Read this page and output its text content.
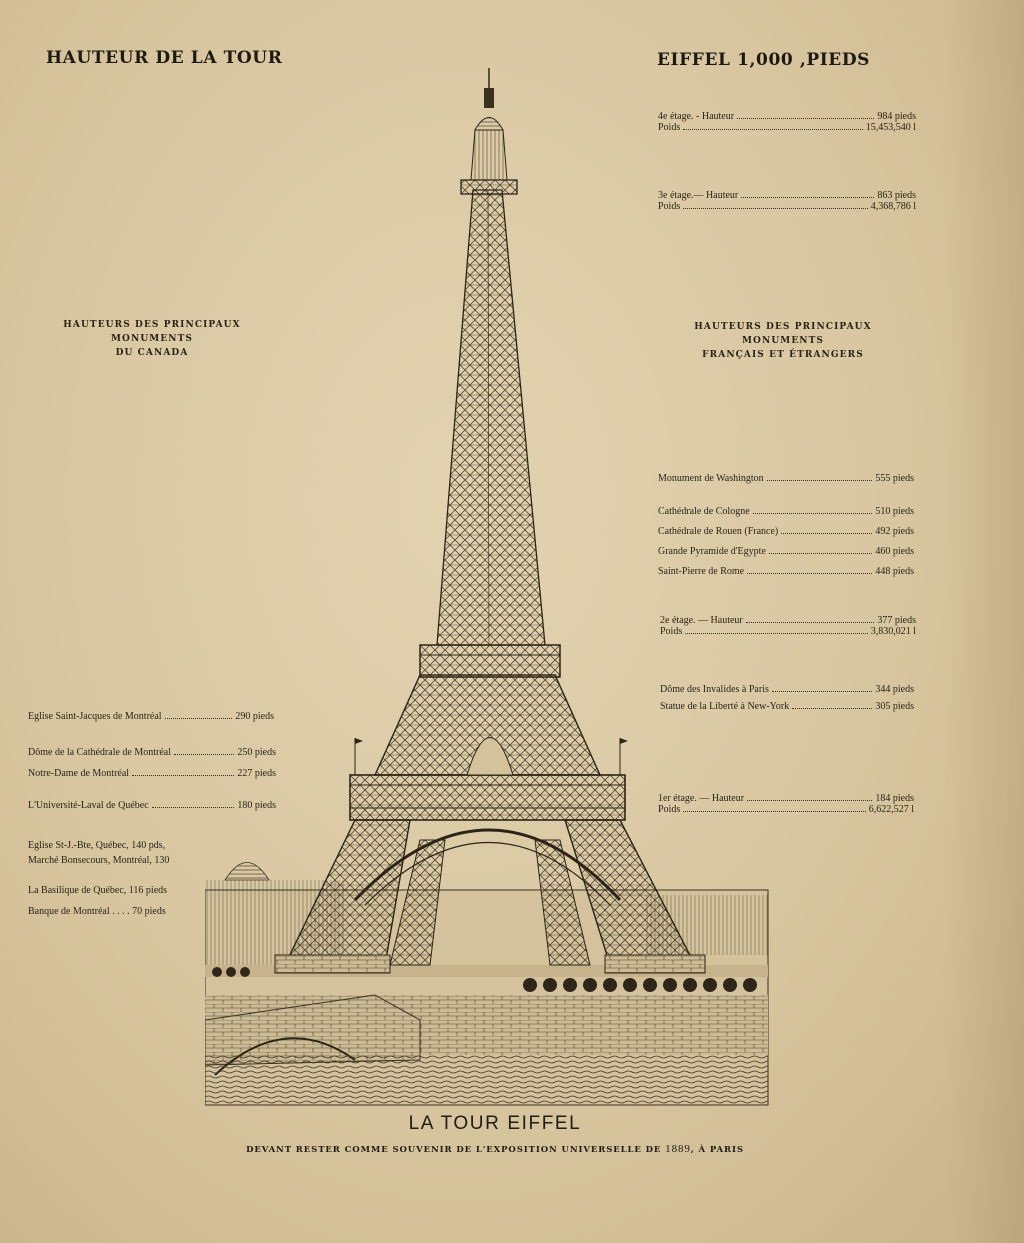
HAUTEUR DE LA TOUR	EIFFEL 1,000 ,PIEDS
4e étage. - Hauteur	984 pieds
Poids	15,453,540 l
3e étage.— Hauteur	863 pieds
Poids	4,368,786 l
HAUTEURS DES PRINCIPAUX MONUMENTS
DU CANADA
HAUTEURS DES PRINCIPAUX MONUMENTS
FRANÇAIS ET ÉTRANGERS
Monument de Washington	555 pieds
Cathédrale de Cologne	510 pieds
Cathédrale de Rouen (France)	492 pieds
Grande Pyramide d'Egypte	460 pieds
Saint-Pierre de Rome	448 pieds
2e étage. — Hauteur	377 pieds
Poids	3,830,021 l
Dôme des Invalides à Paris	344 pieds
Statue de la Liberté à New-York	305 pieds
1er étage. — Hauteur	184 pieds
Poids	6,622,527 l
Eglise Saint-Jacques de Montréal	290 pieds
Dôme de la Cathédrale de Montréal	250 pieds
Notre-Dame de Montréal	227 pieds
L'Université-Laval de Québec	180 pieds
Eglise St-J.-Bte, Québec, 140 pds,
Marché Bonsecours, Montréal, 130
La Basilique de Québec, 116 pieds
Banque de Montréal . . . . 70 pieds
LA TOUR EIFFEL
DEVANT RESTER COMME SOUVENIR DE L'EXPOSITION UNIVERSELLE DE 1889, À PARIS
